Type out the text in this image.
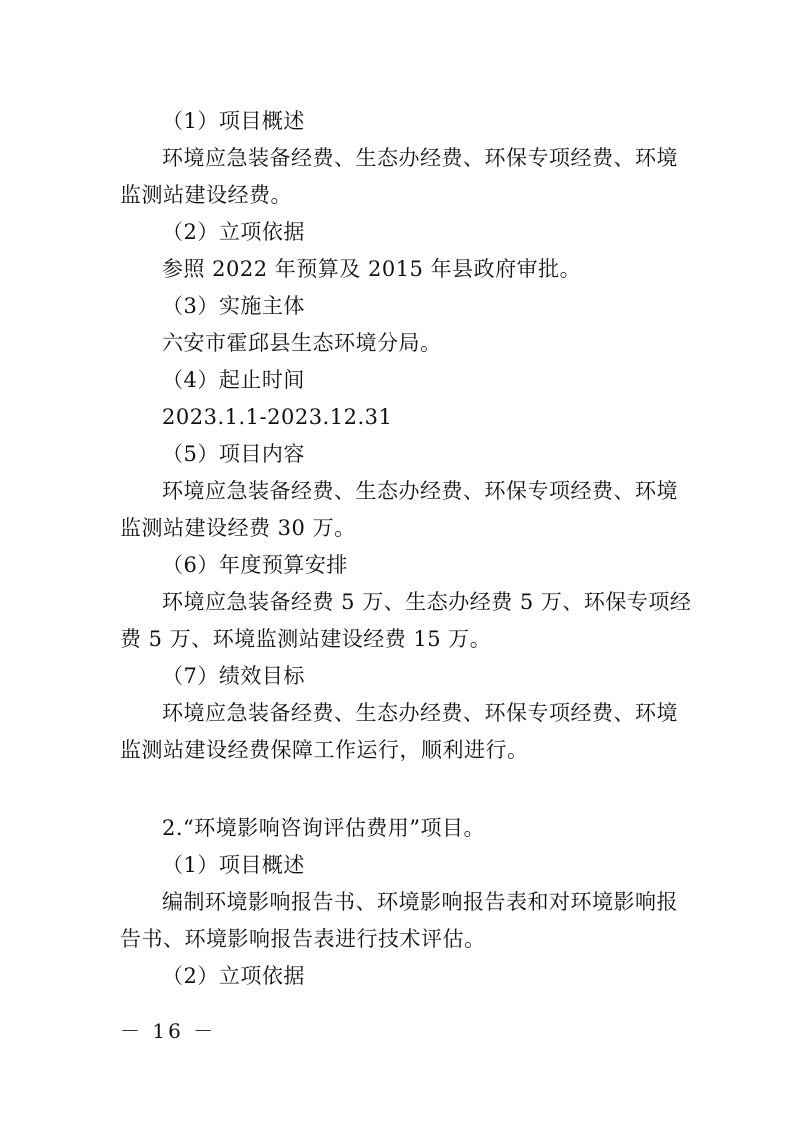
（1）项目概述
环境应急装备经费、生态办经费、环保专项经费、环境
监测站建设经费。
（2）立项依据
参照 2022 年预算及 2015 年县政府审批。
（3）实施主体
六安市霍邱县生态环境分局。
（4）起止时间
2023.1.1-2023.12.31
（5）项目内容
环境应急装备经费、生态办经费、环保专项经费、环境
监测站建设经费 30 万。
（6）年度预算安排
环境应急装备经费 5 万、生态办经费 5 万、环保专项经
费 5 万、环境监测站建设经费 15 万。
（7）绩效目标
环境应急装备经费、生态办经费、环保专项经费、环境
监测站建设经费保障工作运行，顺利进行。
2.“环境影响咨询评估费用”项目。
（1）项目概述
编制环境影响报告书、环境影响报告表和对环境影响报
告书、环境影响报告表进行技术评估。
（2）立项依据
－ 16 －
